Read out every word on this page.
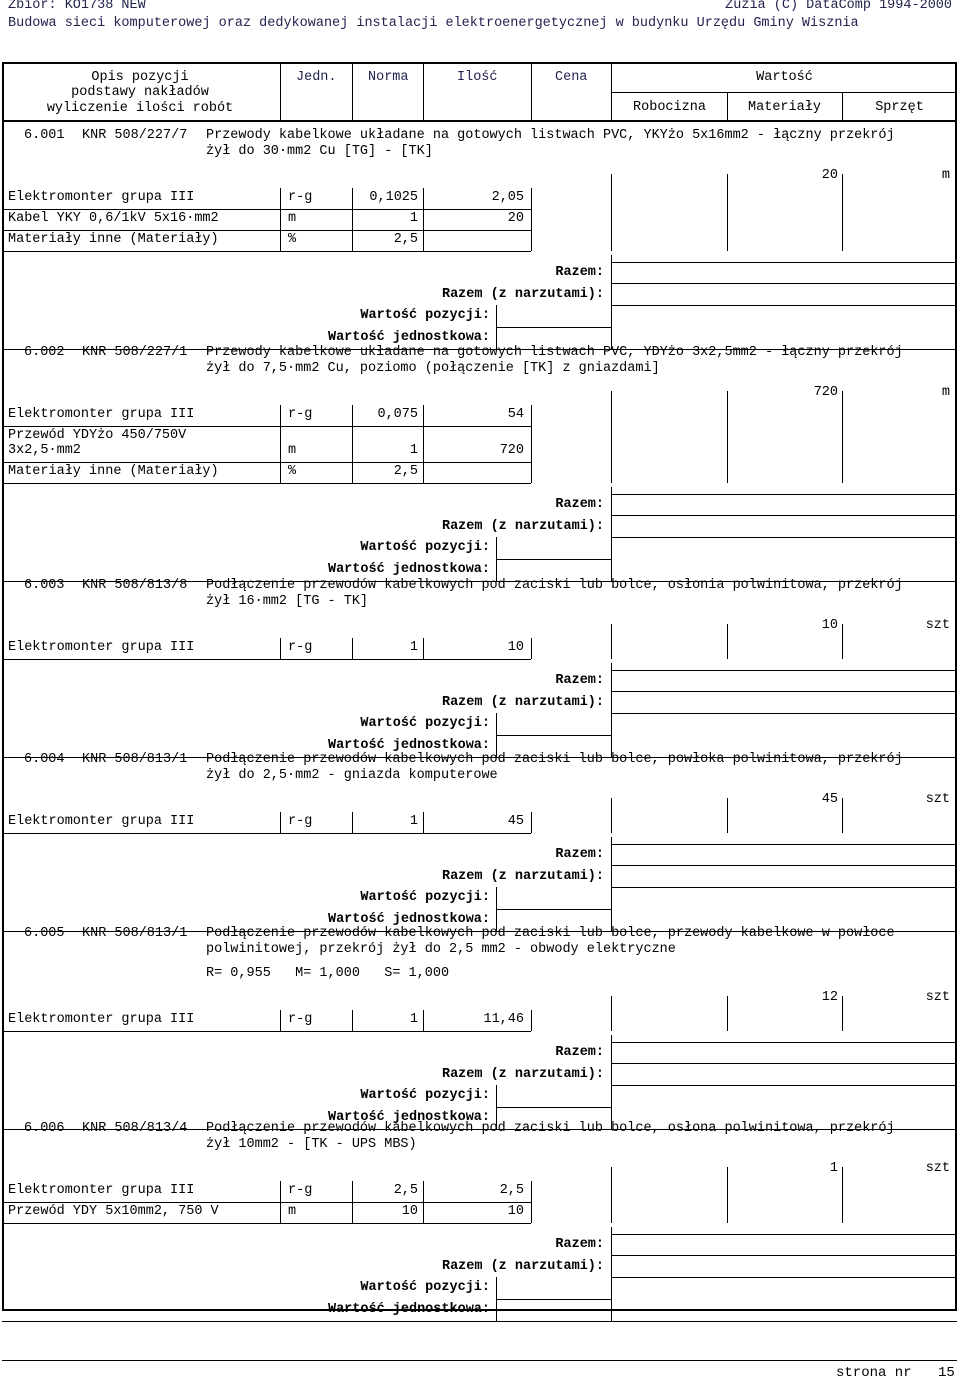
Zbiór: KO1738 NEW	Zuzia (C) DataComp 1994-2000
Budowa sieci komputerowej oraz dedykowanej instalacji elektroenergetycznej w budynku Urzędu Gminy Wisznia
Opis pozycji
podstawy nakładów
wyliczenie ilości robót
Jedn. Norma	Ilość	Cena	Wartość
Robocizna	Materiały	Sprzęt
6.001 KNR 508/227/7 Przewody kabelkowe układane na gotowych listwach PVC, YKYżo 5x16mm2 - łączny przekrój
żył do 30·mm2 Cu [TG] - [TK]
20	m
Elektromonter grupa III	r-g	0,1025	2,05
Kabel YKY 0,6/1kV 5x16·mm2	m	1	20
Materiały inne (Materiały)	%	2,5
Razem:
Razem (z narzutami):
Wartość pozycji:
Wartość jednostkowa:
6.002 KNR 508/227/1 Przewody kabelkowe układane na gotowych listwach PVC, YDYżo 3x2,5mm2 - łączny przekrój
żył do 7,5·mm2 Cu, poziomo (połączenie [TK] z gniazdami]
720	m
Elektromonter grupa III	r-g	0,075	54
Przewód YDYżo 450/750V
3x2,5·mm2	m	1	720
Materiały inne (Materiały)	%	2,5
Razem:
Razem (z narzutami):
Wartość pozycji:
Wartość jednostkowa:
6.003 KNR 508/813/8 Podłączenie przewodów kabelkowych pod zaciski lub bolce, osłonia polwinitowa, przekrój
żył 16·mm2 [TG - TK]
10	szt
Elektromonter grupa III	r-g	1	10
Razem:
Razem (z narzutami):
Wartość pozycji:
Wartość jednostkowa:
6.004 KNR 508/813/1 Podłączenie przewodów kabelkowych pod zaciski lub bolce, powłoka polwinitowa, przekrój
żył do 2,5·mm2 - gniazda komputerowe
45	szt
Elektromonter grupa III	r-g	1	45
Razem:
Razem (z narzutami):
Wartość pozycji:
Wartość jednostkowa:
6.005 KNR 508/813/1 Podłączenie przewodów kabelkowych pod zaciski lub bolce, przewody kabelkowe w powłoce
polwinitowej, przekrój żył do 2,5 mm2 - obwody elektryczne
R= 0,955   M= 1,000   S= 1,000
12	szt
Elektromonter grupa III	r-g	1	11,46
Razem:
Razem (z narzutami):
Wartość pozycji:
Wartość jednostkowa:
6.006 KNR 508/813/4 Podłączenie przewodów kabelkowych pod zaciski lub bolce, osłona polwinitowa, przekrój
żył 10mm2 - [TK - UPS MBS)
1	szt
Elektromonter grupa III	r-g	2,5	2,5
Przewód YDY 5x10mm2, 750 V	m	10	10
Razem:
Razem (z narzutami):
Wartość pozycji:
Wartość jednostkowa:
strona nr 15
